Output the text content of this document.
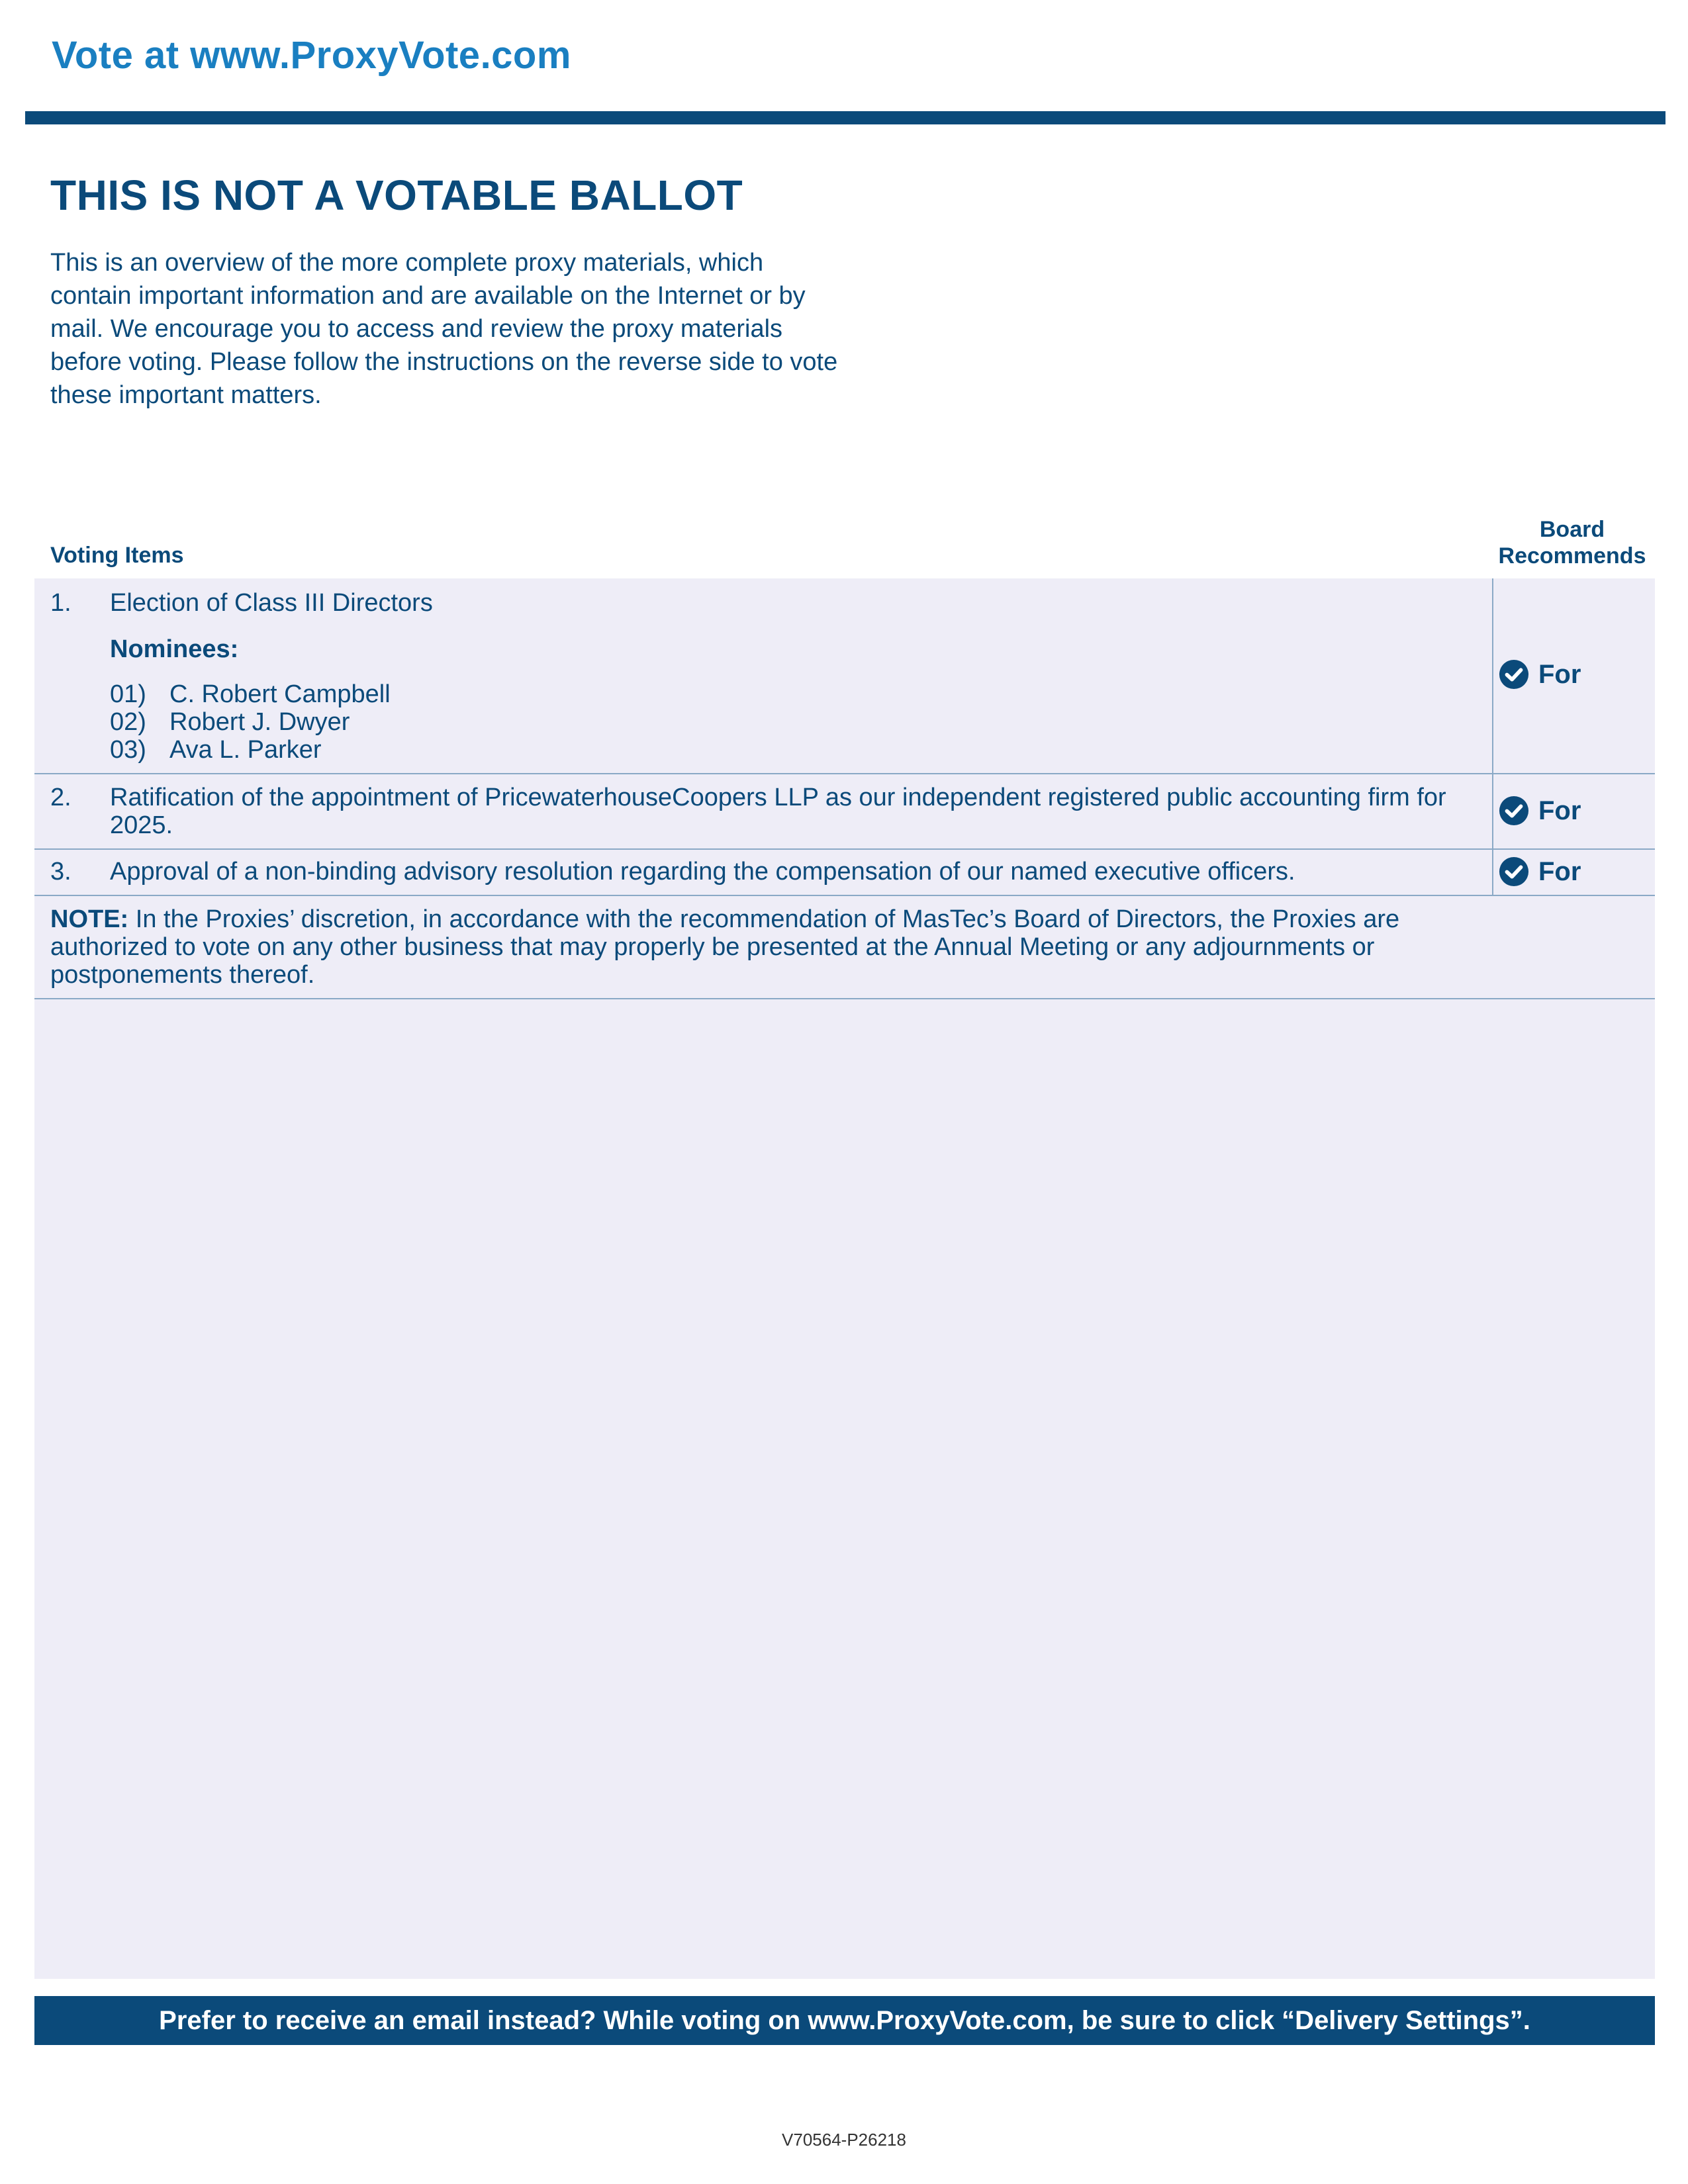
Vote at www.ProxyVote.com
THIS IS NOT A VOTABLE BALLOT
This is an overview of the more complete proxy materials, which contain important information and are available on the Internet or by mail. We encourage you to access and review the proxy materials before voting. Please follow the instructions on the reverse side to vote these important matters.
Voting Items
Board Recommends
1. Election of Class III Directors
Nominees:
01) C. Robert Campbell
02) Robert J. Dwyer
03) Ava L. Parker
For
2. Ratification of the appointment of PricewaterhouseCoopers LLP as our independent registered public accounting firm for 2025.
For
3. Approval of a non-binding advisory resolution regarding the compensation of our named executive officers.	For
NOTE: In the Proxies’ discretion, in accordance with the recommendation of MasTec’s Board of Directors, the Proxies are authorized to vote on any other business that may properly be presented at the Annual Meeting or any adjournments or postponements thereof.
Prefer to receive an email instead? While voting on www.ProxyVote.com, be sure to click “Delivery Settings”.
V70564-P26218
